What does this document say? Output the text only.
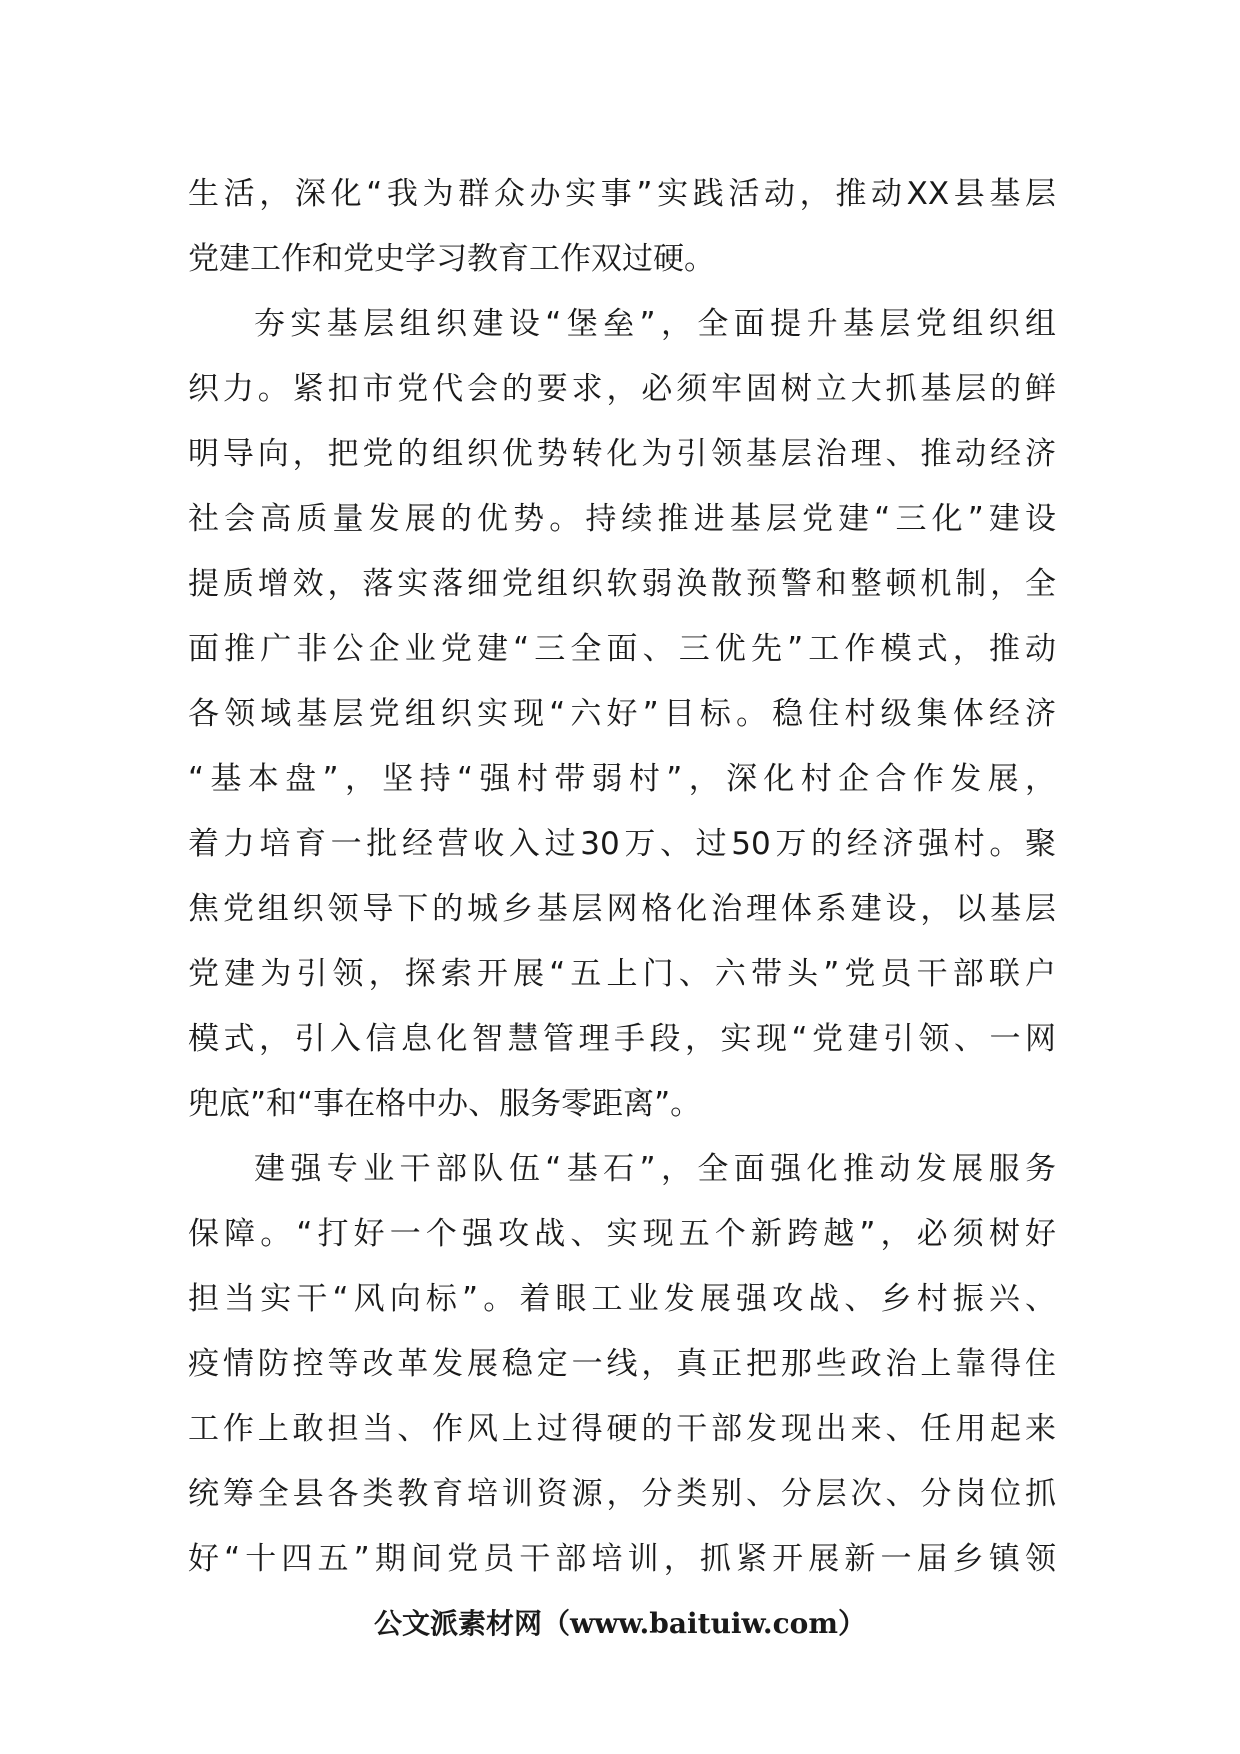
生活，深化“我为群众办实事”实践活动，推动XX县基层
党建工作和党史学习教育工作双过硬。
夯实基层组织建设“堡垒”，全面提升基层党组织组
织力。紧扣市党代会的要求，必须牢固树立大抓基层的鲜
明导向，把党的组织优势转化为引领基层治理、推动经济
社会高质量发展的优势。持续推进基层党建“三化”建设
提质增效，落实落细党组织软弱涣散预警和整顿机制，全
面推广非公企业党建“三全面、三优先”工作模式，推动
各领域基层党组织实现“六好”目标。稳住村级集体经济
“基本盘”，坚持“强村带弱村”，深化村企合作发展，
着力培育一批经营收入过30万、过50万的经济强村。聚
焦党组织领导下的城乡基层网格化治理体系建设，以基层
党建为引领，探索开展“五上门、六带头”党员干部联户
模式，引入信息化智慧管理手段，实现“党建引领、一网
兜底”和“事在格中办、服务零距离”。
建强专业干部队伍“基石”，全面强化推动发展服务
保障。“打好一个强攻战、实现五个新跨越”，必须树好
担当实干“风向标”。着眼工业发展强攻战、乡村振兴、
疫情防控等改革发展稳定一线，真正把那些政治上靠得住
工作上敢担当、作风上过得硬的干部发现出来、任用起来
统筹全县各类教育培训资源，分类别、分层次、分岗位抓
好“十四五”期间党员干部培训，抓紧开展新一届乡镇领
公文派素材网（www.baituiw.com）
